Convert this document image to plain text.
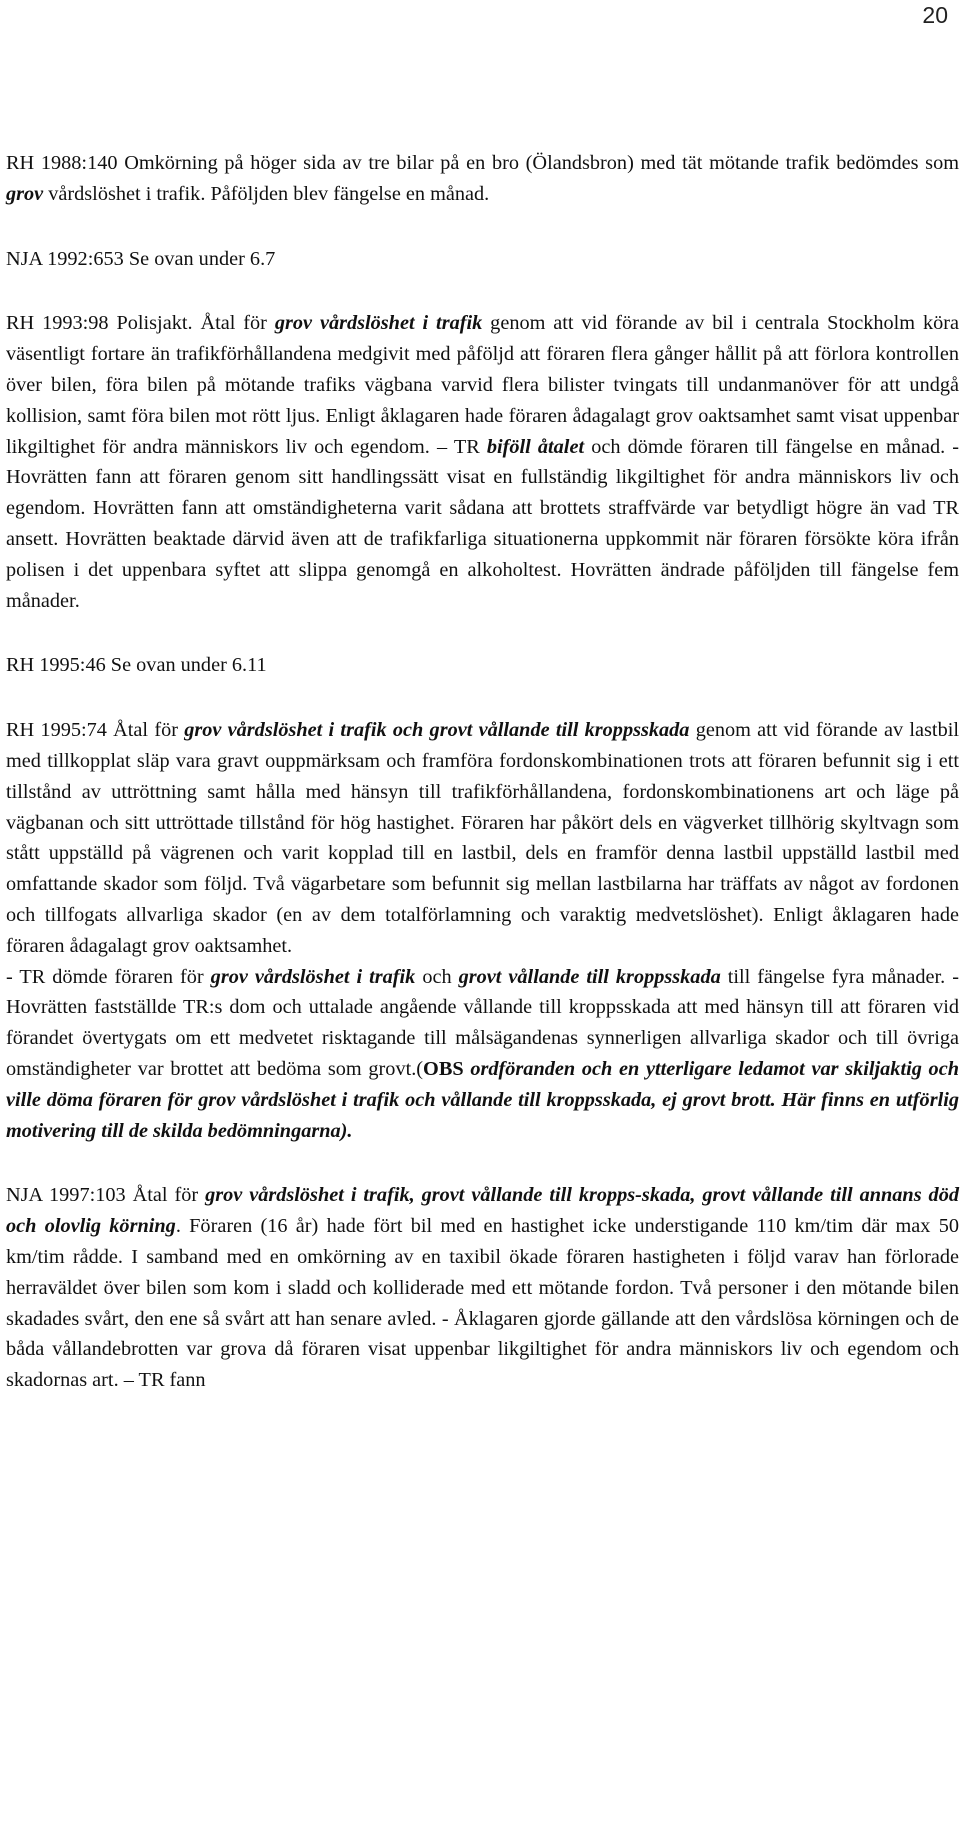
20

RH 1988:140 Omkörning på höger sida av tre bilar på en bro (Ölandsbron) med tät mötande trafik bedömdes som grov vårdslöshet i trafik. Påföljden blev fängelse en månad.

NJA 1992:653 Se ovan under 6.7

RH 1993:98 Polisjakt. Åtal för grov vårdslöshet i trafik genom att vid förande av bil i centrala Stockholm köra väsentligt fortare än trafikförhållandena medgivit med påföljd att föraren flera gånger hållit på att förlora kontrollen över bilen, föra bilen på mötande trafiks vägbana varvid flera bilister tvingats till undanmanöver för att undgå kollision, samt föra bilen mot rött ljus. Enligt åklagaren hade föraren ådagalagt grov oaktsamhet samt visat uppenbar likgiltighet för andra människors liv och egendom. – TR biföll åtalet och dömde föraren till fängelse en månad. - Hovrätten fann att föraren genom sitt handlingssätt visat en fullständig likgiltighet för andra människors liv och egendom. Hovrätten fann att omständigheterna varit sådana att brottets straffvärde var betydligt högre än vad TR ansett. Hovrätten beaktade därvid även att de trafikfarliga situationerna uppkommit när föraren försökte köra ifrån polisen i det uppenbara syftet att slippa genomgå en alkoholtest. Hovrätten ändrade påföljden till fängelse fem månader.

RH 1995:46 Se ovan under 6.11

RH 1995:74 Åtal för grov vårdslöshet i trafik och grovt vållande till kroppsskada genom att vid förande av lastbil med tillkopplat släp vara gravt ouppmärksam och framföra fordonskombinationen trots att föraren befunnit sig i ett tillstånd av uttröttning samt hålla med hänsyn till trafikförhållandena, fordonskombinationens art och läge på vägbanan och sitt uttröttade tillstånd för hög hastighet. Föraren har påkört dels en vägverket tillhörig skyltvagn som stått uppställd på vägrenen och varit kopplad till en lastbil, dels en framför denna lastbil uppställd lastbil med omfattande skador som följd. Två vägarbetare som befunnit sig mellan lastbilarna har träffats av något av fordonen och tillfogats allvarliga skador (en av dem totalförlamning och varaktig medvetslöshet). Enligt åklagaren hade föraren ådagalagt grov oaktsamhet.

- TR dömde föraren för grov vårdslöshet i trafik och grovt vållande till kroppsskada till fängelse fyra månader. - Hovrätten fastställde TR:s dom och uttalade angående vållande till kroppsskada att med hänsyn till att föraren vid förandet övertygats om ett medvetet risktagande till målsägandenas synnerligen allvarliga skador och till övriga omständigheter var brottet att bedöma som grovt.(OBS ordföranden och en ytterligare ledamot var skiljaktig och ville döma föraren för grov vårdslöshet i trafik och vållande till kroppsskada, ej grovt brott. Här finns en utförlig motivering till de skilda bedömningarna).

NJA 1997:103 Åtal för grov vårdslöshet i trafik, grovt vållande till kropps-skada, grovt vållande till annans död och olovlig körning. Föraren (16 år) hade fört bil med en hastighet icke understigande 110 km/tim där max 50 km/tim rådde. I samband med en omkörning av en taxibil ökade föraren hastigheten i följd varav han förlorade herraväldet över bilen som kom i sladd och kolliderade med ett mötande fordon. Två personer i den mötande bilen skadades svårt, den ene så svårt att han senare avled. - Åklagaren gjorde gällande att den vårdslösa körningen och de båda vållandebrotten var grova då föraren visat uppenbar likgiltighet för andra människors liv och egendom och skadornas art. – TR fann
